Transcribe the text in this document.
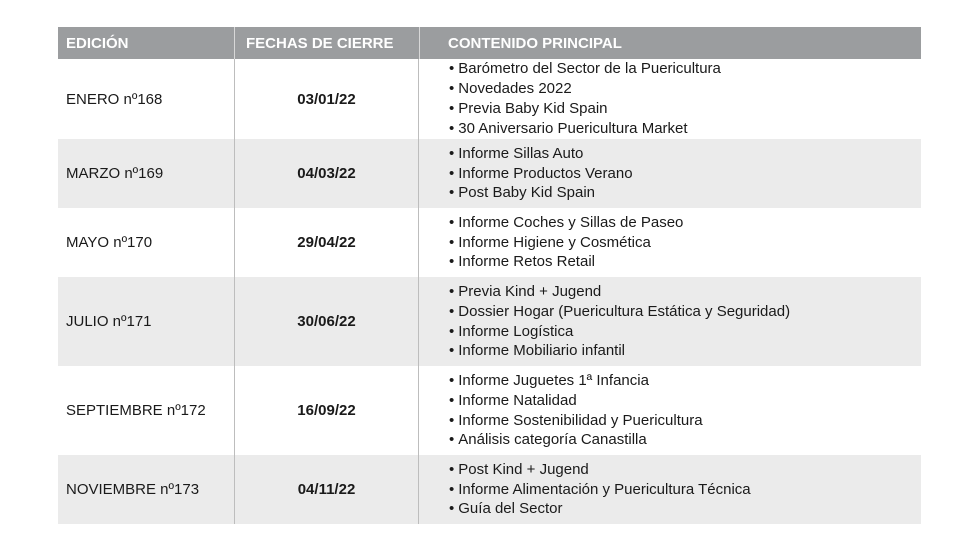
EDICIÓN	FECHAS DE CIERRE	CONTENIDO PRINCIPAL
ENERO nº168	03/01/22
• Barómetro del Sector de la Puericultura
• Novedades 2022
• Previa Baby Kid Spain
• 30 Aniversario Puericultura Market
MARZO nº169	04/03/22
• Informe Sillas Auto
• Informe Productos Verano
• Post Baby Kid Spain
MAYO nº170	29/04/22
• Informe Coches y Sillas de Paseo
• Informe Higiene y Cosmética
• Informe Retos Retail
JULIO nº171	30/06/22
• Previa Kind + Jugend
• Dossier Hogar (Puericultura Estática y Seguridad)
• Informe Logística
• Informe Mobiliario infantil
SEPTIEMBRE nº172	16/09/22
• Informe Juguetes 1ª Infancia
• Informe Natalidad
• Informe Sostenibilidad y Puericultura
• Análisis categoría Canastilla
NOVIEMBRE nº173	04/11/22
• Post Kind + Jugend
• Informe Alimentación y Puericultura Técnica
• Guía del Sector
